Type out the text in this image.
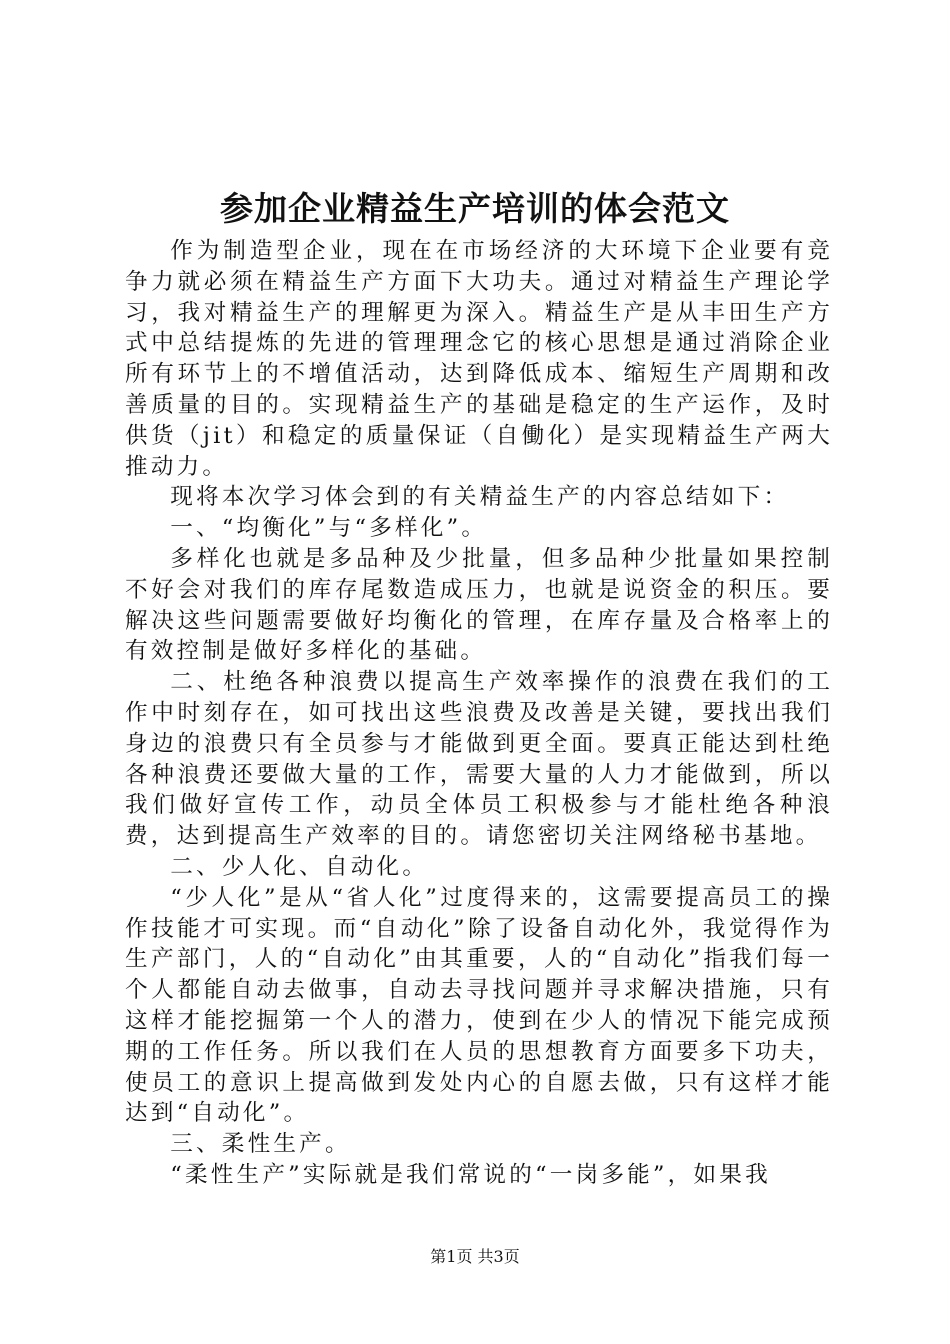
参加企业精益生产培训的体会范文

作为制造型企业，现在在市场经济的大环境下企业要有竞争力就必须在精益生产方面下大功夫。通过对精益生产理论学习，我对精益生产的理解更为深入。精益生产是从丰田生产方式中总结提炼的先进的管理理念它的核心思想是通过消除企业所有环节上的不增值活动，达到降低成本、缩短生产周期和改善质量的目的。实现精益生产的基础是稳定的生产运作，及时供货（jit）和稳定的质量保证（自働化）是实现精益生产两大推动力。

现将本次学习体会到的有关精益生产的内容总结如下：

一、“均衡化”与“多样化”。

多样化也就是多品种及少批量，但多品种少批量如果控制不好会对我们的库存尾数造成压力，也就是说资金的积压。要解决这些问题需要做好均衡化的管理，在库存量及合格率上的有效控制是做好多样化的基础。

二、杜绝各种浪费以提高生产效率操作的浪费在我们的工作中时刻存在，如可找出这些浪费及改善是关键，要找出我们身边的浪费只有全员参与才能做到更全面。要真正能达到杜绝各种浪费还要做大量的工作，需要大量的人力才能做到，所以我们做好宣传工作，动员全体员工积极参与才能杜绝各种浪费，达到提高生产效率的目的。请您密切关注网络秘书基地。

二、少人化、自动化。

“少人化”是从“省人化”过度得来的，这需要提高员工的操作技能才可实现。而“自动化”除了设备自动化外，我觉得作为生产部门，人的“自动化”由其重要，人的“自动化”指我们每一个人都能自动去做事，自动去寻找问题并寻求解决措施，只有这样才能挖掘第一个人的潜力，使到在少人的情况下能完成预期的工作任务。所以我们在人员的思想教育方面要多下功夫，使员工的意识上提高做到发处内心的自愿去做，只有这样才能达到“自动化”。

三、柔性生产。

“柔性生产”实际就是我们常说的“一岗多能”，如果我

第1页 共3页
